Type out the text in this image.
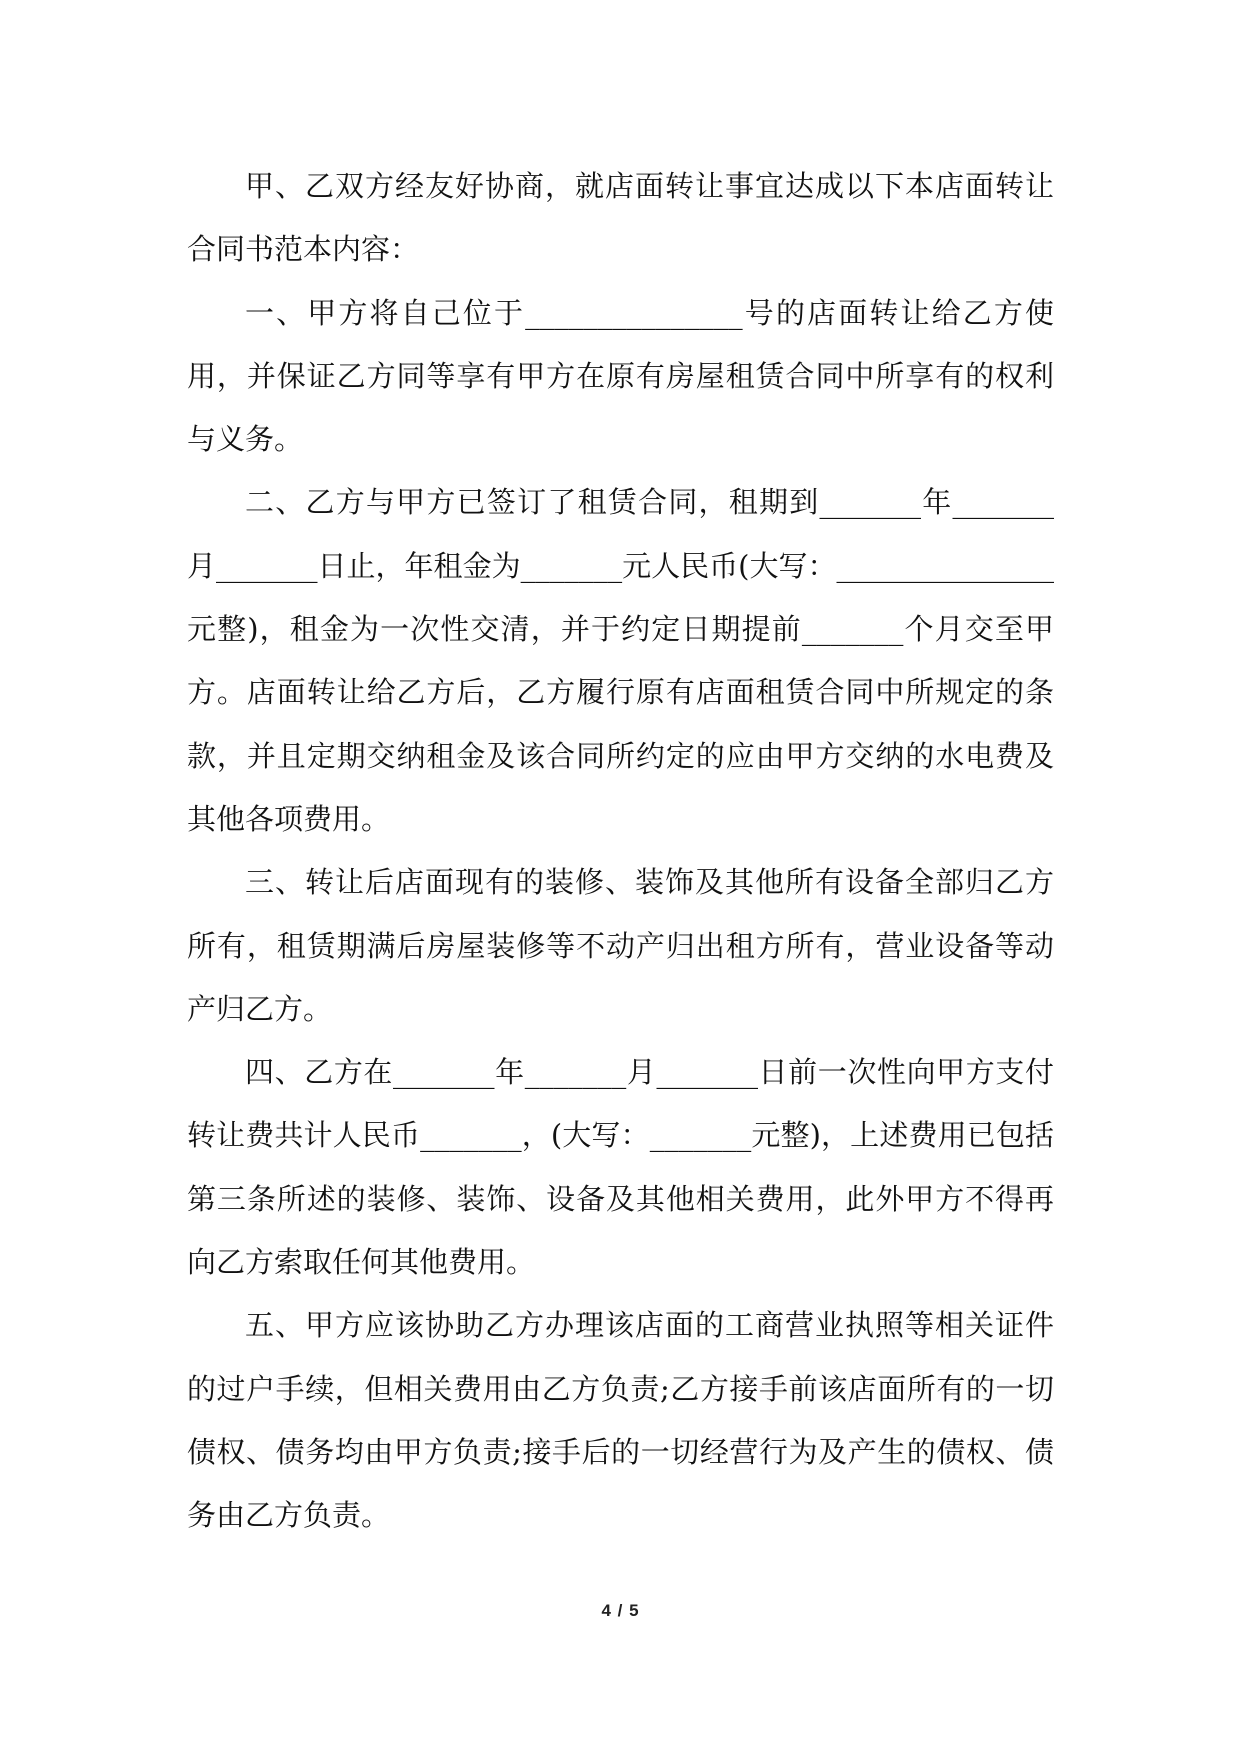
甲、乙双方经友好协商，就店面转让事宜达成以下本店面转让合同书范本内容：

一、甲方将自己位于_______________号的店面转让给乙方使用，并保证乙方同等享有甲方在原有房屋租赁合同中所享有的权利与义务。

二、乙方与甲方已签订了租赁合同，租期到_______年_______月_______日止，年租金为_______元人民币(大写：_______________元整)，租金为一次性交清，并于约定日期提前_______个月交至甲方。店面转让给乙方后，乙方履行原有店面租赁合同中所规定的条款，并且定期交纳租金及该合同所约定的应由甲方交纳的水电费及其他各项费用。

三、转让后店面现有的装修、装饰及其他所有设备全部归乙方所有，租赁期满后房屋装修等不动产归出租方所有，营业设备等动产归乙方。

四、乙方在_______年_______月_______日前一次性向甲方支付转让费共计人民币_______，(大写：_______元整)，上述费用已包括第三条所述的装修、装饰、设备及其他相关费用，此外甲方不得再向乙方索取任何其他费用。

五、甲方应该协助乙方办理该店面的工商营业执照等相关证件的过户手续，但相关费用由乙方负责;乙方接手前该店面所有的一切债权、债务均由甲方负责;接手后的一切经营行为及产生的债权、债务由乙方负责。

4 / 5
